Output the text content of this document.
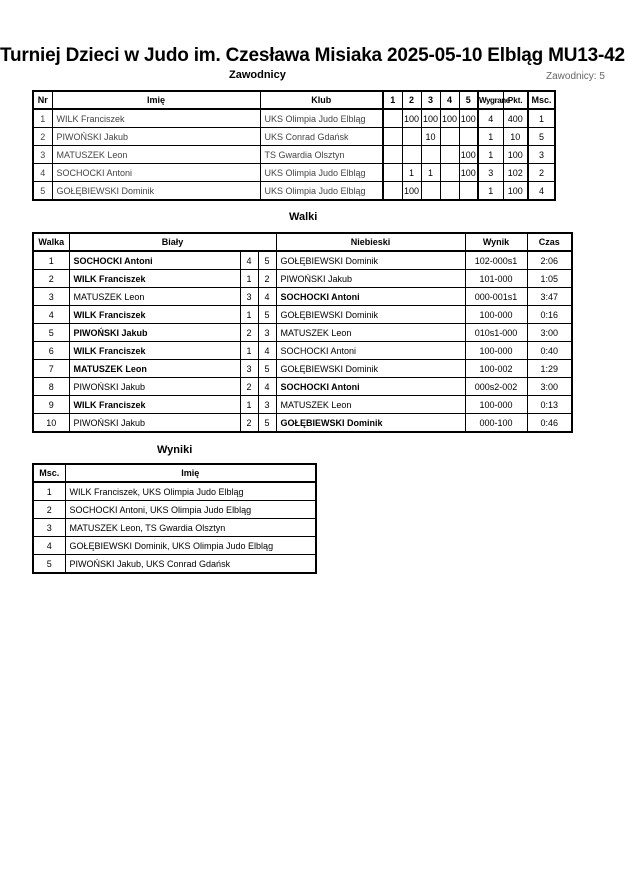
Turniej Dzieci w Judo im. Czesława Misiaka 2025-05-10 Elbląg MU13-42
Zawodnicy	Zawodnicy: 5
Nr	Imię	Klub	1	2	3	4	5	Wygrane	Pkt.	Msc.
1	WILK Franciszek	UKS Olimpia Judo Elbląg		100	100	100	100	4	400	1
2	PIWOŃSKI Jakub	UKS Conrad Gdańsk			10			1	10	5
3	MATUSZEK Leon	TS Gwardia Olsztyn					100	1	100	3
4	SOCHOCKI Antoni	UKS Olimpia Judo Elbląg		1	1		100	3	102	2
5	GOŁĘBIEWSKI Dominik	UKS Olimpia Judo Elbląg		100				1	100	4
Walki
Walka	Biały			Niebieski	Wynik	Czas
1	SOCHOCKI Antoni	4	5	GOŁĘBIEWSKI Dominik	102-000s1	2:06
2	WILK Franciszek	1	2	PIWOŃSKI Jakub	101-000	1:05
3	MATUSZEK Leon	3	4	SOCHOCKI Antoni	000-001s1	3:47
4	WILK Franciszek	1	5	GOŁĘBIEWSKI Dominik	100-000	0:16
5	PIWOŃSKI Jakub	2	3	MATUSZEK Leon	010s1-000	3:00
6	WILK Franciszek	1	4	SOCHOCKI Antoni	100-000	0:40
7	MATUSZEK Leon	3	5	GOŁĘBIEWSKI Dominik	100-002	1:29
8	PIWOŃSKI Jakub	2	4	SOCHOCKI Antoni	000s2-002	3:00
9	WILK Franciszek	1	3	MATUSZEK Leon	100-000	0:13
10	PIWOŃSKI Jakub	2	5	GOŁĘBIEWSKI Dominik	000-100	0:46
Wyniki
Msc.	Imię
1	WILK Franciszek, UKS Olimpia Judo Elbląg
2	SOCHOCKI Antoni, UKS Olimpia Judo Elbląg
3	MATUSZEK Leon, TS Gwardia Olsztyn
4	GOŁĘBIEWSKI Dominik, UKS Olimpia Judo Elbląg
5	PIWOŃSKI Jakub, UKS Conrad Gdańsk
